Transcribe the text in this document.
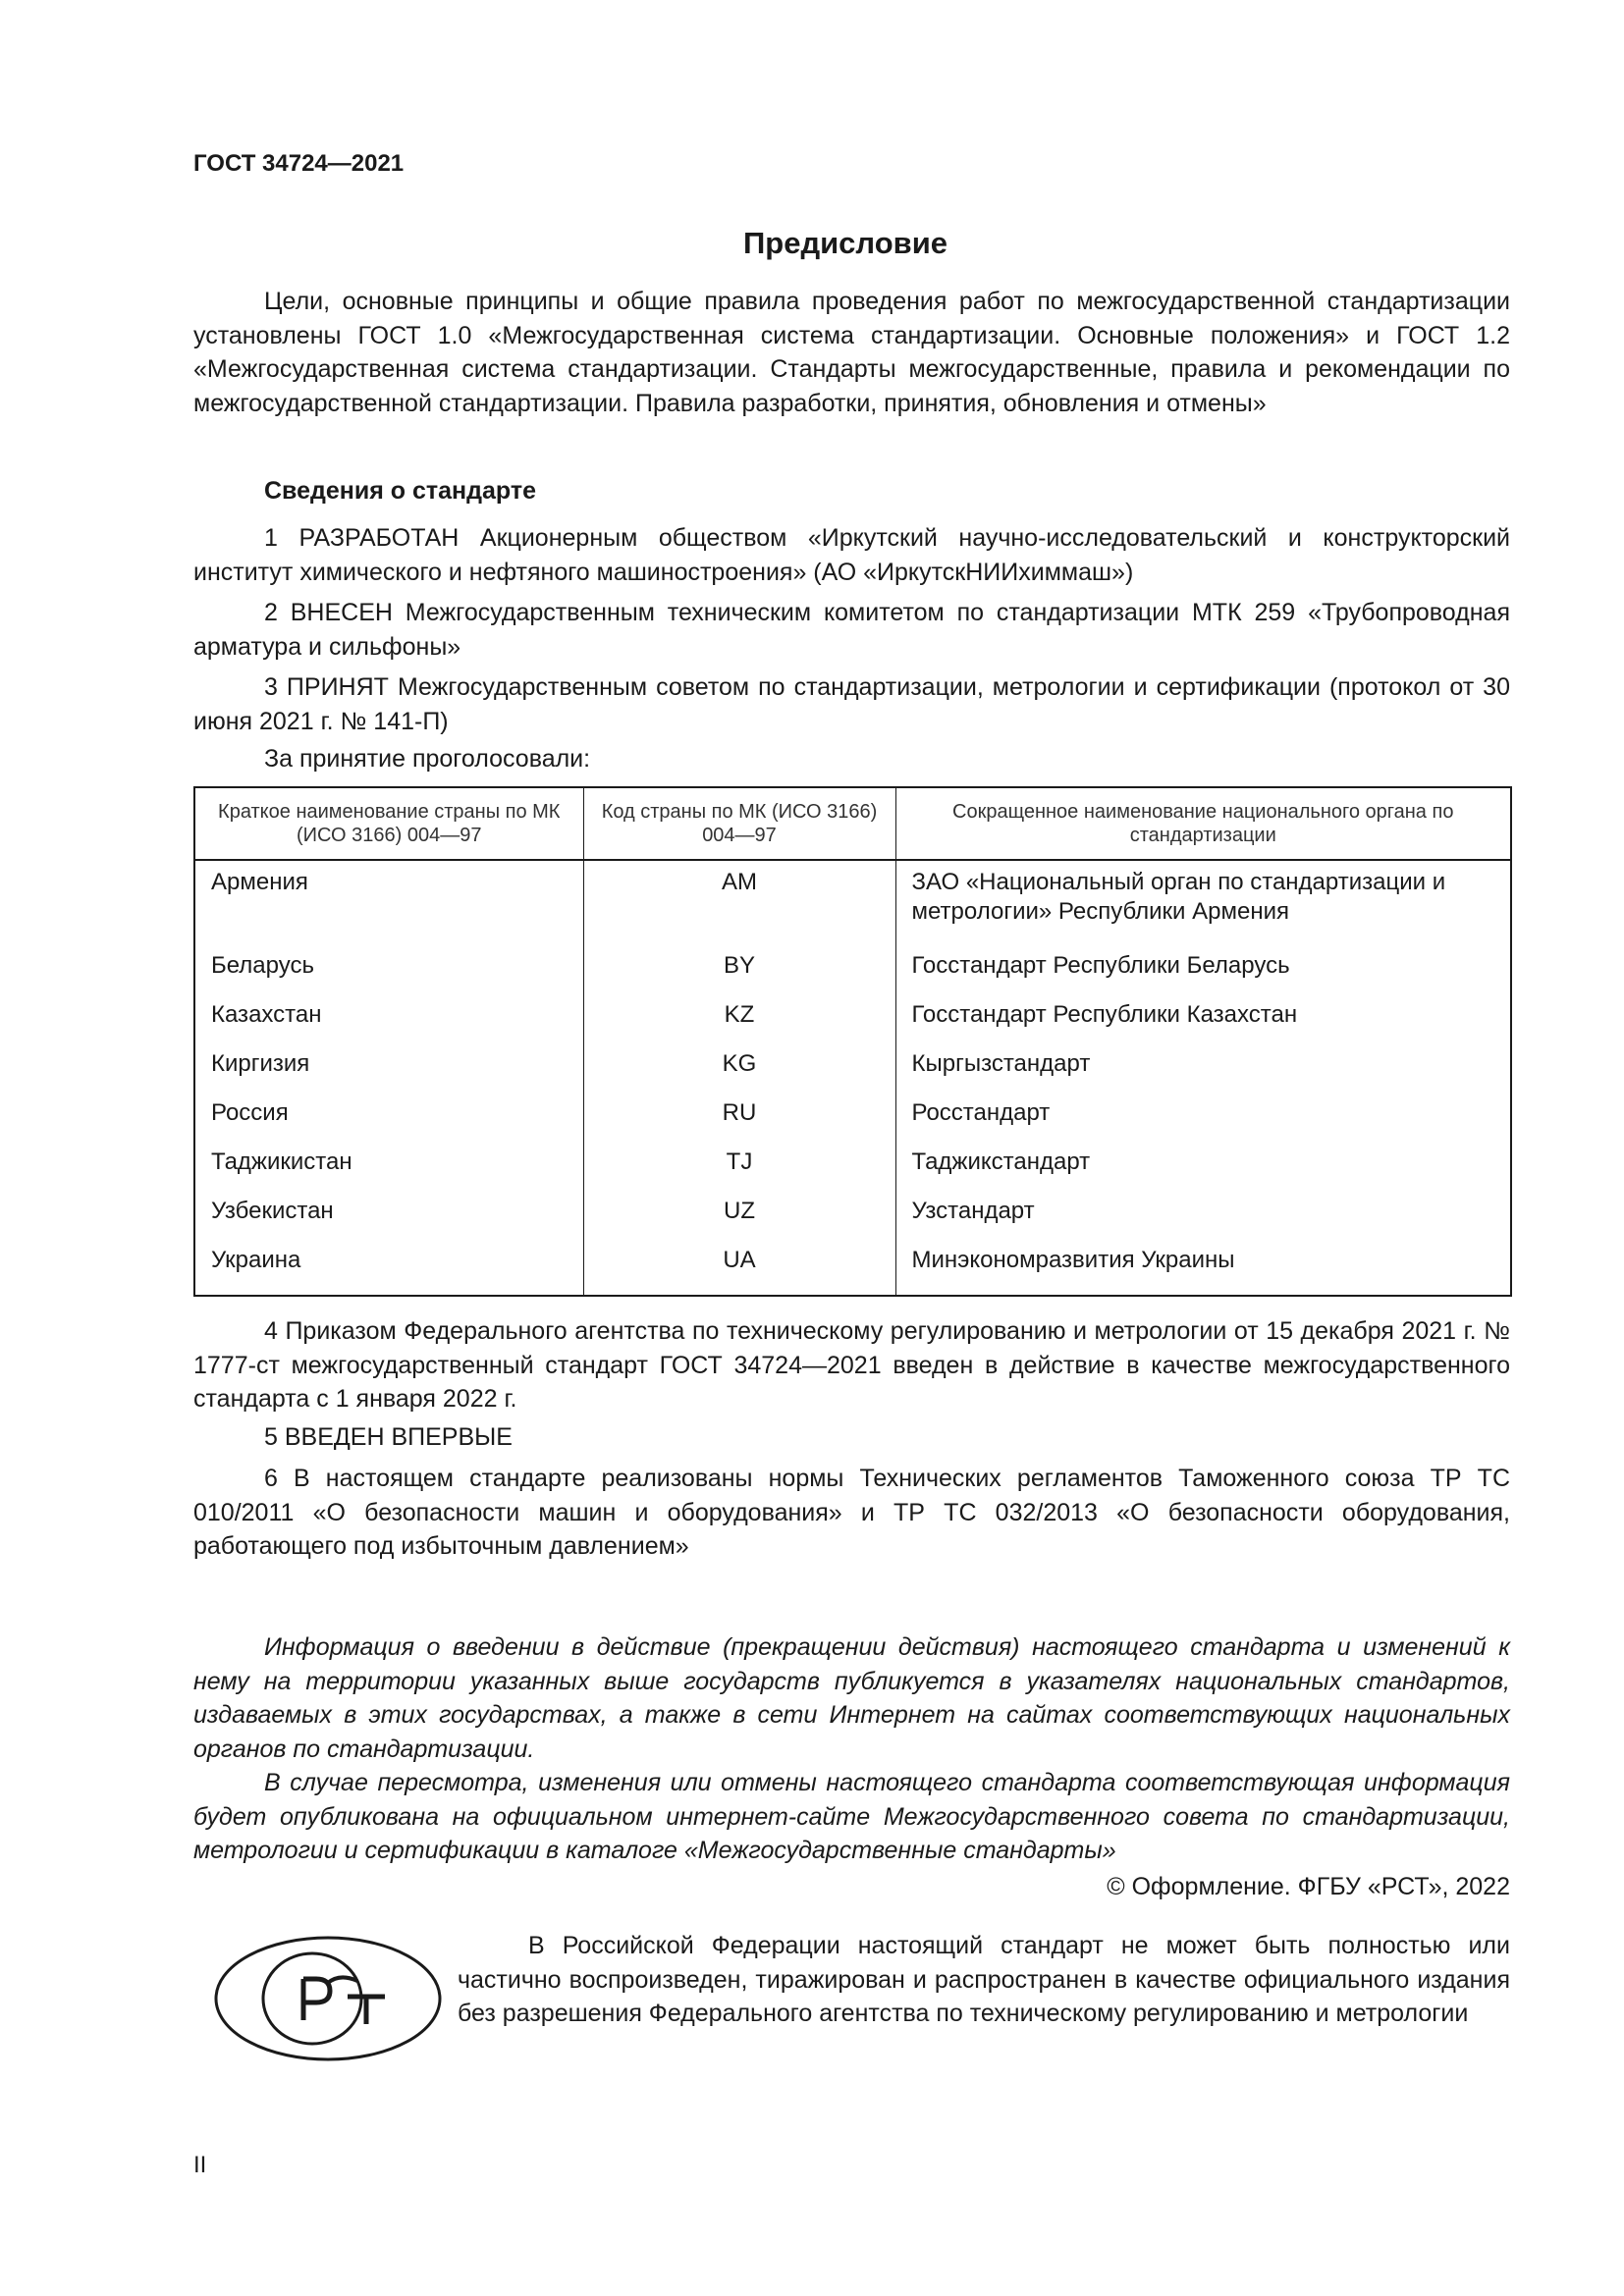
ГОСТ 34724—2021
Предисловие
Цели, основные принципы и общие правила проведения работ по межгосударственной стандартизации установлены ГОСТ 1.0 «Межгосударственная система стандартизации. Основные положения» и ГОСТ 1.2 «Межгосударственная система стандартизации. Стандарты межгосударственные, правила и рекомендации по межгосударственной стандартизации. Правила разработки, принятия, обновления и отмены»
Сведения о стандарте
1 РАЗРАБОТАН Акционерным обществом «Иркутский научно-исследовательский и конструкторский институт химического и нефтяного машиностроения» (АО «ИркутскНИИхиммаш»)
2 ВНЕСЕН Межгосударственным техническим комитетом по стандартизации МТК 259 «Трубопроводная арматура и сильфоны»
3 ПРИНЯТ Межгосударственным советом по стандартизации, метрологии и сертификации (протокол от 30 июня 2021 г. № 141-П)
За принятие проголосовали:
Краткое наименование страны по МК (ИСО 3166) 004—97	Код страны по МК (ИСО 3166) 004—97	Сокращенное наименование национального органа по стандартизации
Армения	AM	ЗАО «Национальный орган по стандартизации и метрологии» Республики Армения
Беларусь	BY	Госстандарт Республики Беларусь
Казахстан	KZ	Госстандарт Республики Казахстан
Киргизия	KG	Кыргызстандарт
Россия	RU	Росстандарт
Таджикистан	TJ	Таджикстандарт
Узбекистан	UZ	Узстандарт
Украина	UA	Минэкономразвития Украины
4 Приказом Федерального агентства по техническому регулированию и метрологии от 15 декабря 2021 г. № 1777-ст межгосударственный стандарт ГОСТ 34724—2021 введен в действие в качестве межгосударственного стандарта с 1 января 2022 г.
5 ВВЕДЕН ВПЕРВЫЕ
6 В настоящем стандарте реализованы нормы Технических регламентов Таможенного союза ТР ТС 010/2011 «О безопасности машин и оборудования» и ТР ТС 032/2013 «О безопасности оборудования, работающего под избыточным давлением»
Информация о введении в действие (прекращении действия) настоящего стандарта и изменений к нему на территории указанных выше государств публикуется в указателях национальных стандартов, издаваемых в этих государствах, а также в сети Интернет на сайтах соответствующих национальных органов по стандартизации.
В случае пересмотра, изменения или отмены настоящего стандарта соответствующая информация будет опубликована на официальном интернет-сайте Межгосударственного совета по стандартизации, метрологии и сертификации в каталоге «Межгосударственные стандарты»
© Оформление. ФГБУ «РСТ», 2022
В Российской Федерации настоящий стандарт не может быть полностью или частично воспроизведен, тиражирован и распространен в качестве официального издания без разрешения Федерального агентства по техническому регулированию и метрологии
II
